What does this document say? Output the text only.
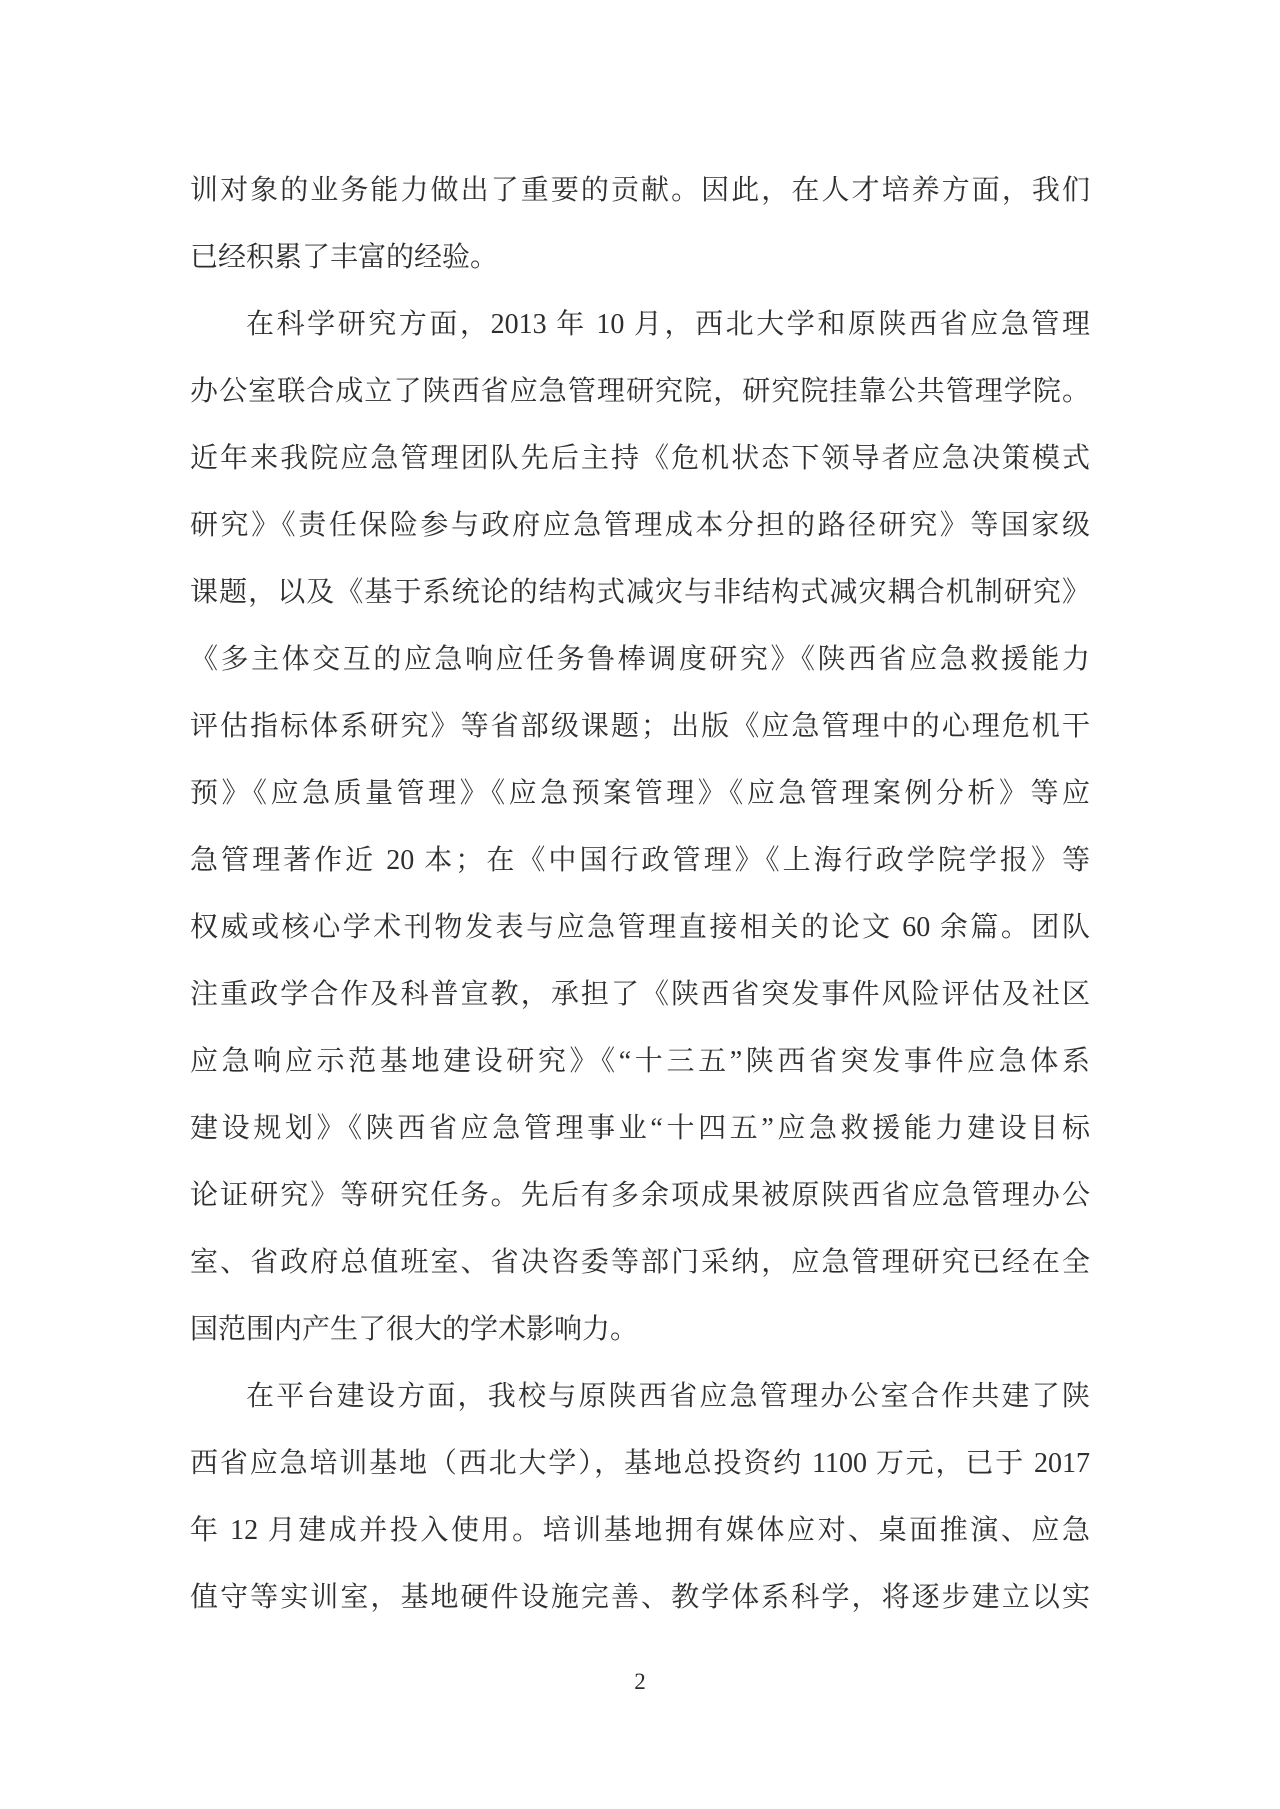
训对象的业务能力做出了重要的贡献。因此，在人才培养方面，我们
已经积累了丰富的经验。
在科学研究方面，2013 年 10 月，西北大学和原陕西省应急管理
办公室联合成立了陕西省应急管理研究院，研究院挂靠公共管理学院。
近年来我院应急管理团队先后主持《危机状态下领导者应急决策模式
研究》《责任保险参与政府应急管理成本分担的路径研究》等国家级
课题，以及《基于系统论的结构式减灾与非结构式减灾耦合机制研究》
《多主体交互的应急响应任务鲁棒调度研究》《陕西省应急救援能力
评估指标体系研究》等省部级课题；出版《应急管理中的心理危机干
预》《应急质量管理》《应急预案管理》《应急管理案例分析》等应
急管理著作近 20 本；在《中国行政管理》《上海行政学院学报》等
权威或核心学术刊物发表与应急管理直接相关的论文 60 余篇。团队
注重政学合作及科普宣教，承担了《陕西省突发事件风险评估及社区
应急响应示范基地建设研究》《“十三五”陕西省突发事件应急体系
建设规划》《陕西省应急管理事业“十四五”应急救援能力建设目标
论证研究》等研究任务。先后有多余项成果被原陕西省应急管理办公
室、省政府总值班室、省决咨委等部门采纳，应急管理研究已经在全
国范围内产生了很大的学术影响力。
在平台建设方面，我校与原陕西省应急管理办公室合作共建了陕
西省应急培训基地（西北大学），基地总投资约 1100 万元，已于 2017
年 12 月建成并投入使用。培训基地拥有媒体应对、桌面推演、应急
值守等实训室，基地硬件设施完善、教学体系科学，将逐步建立以实
2
